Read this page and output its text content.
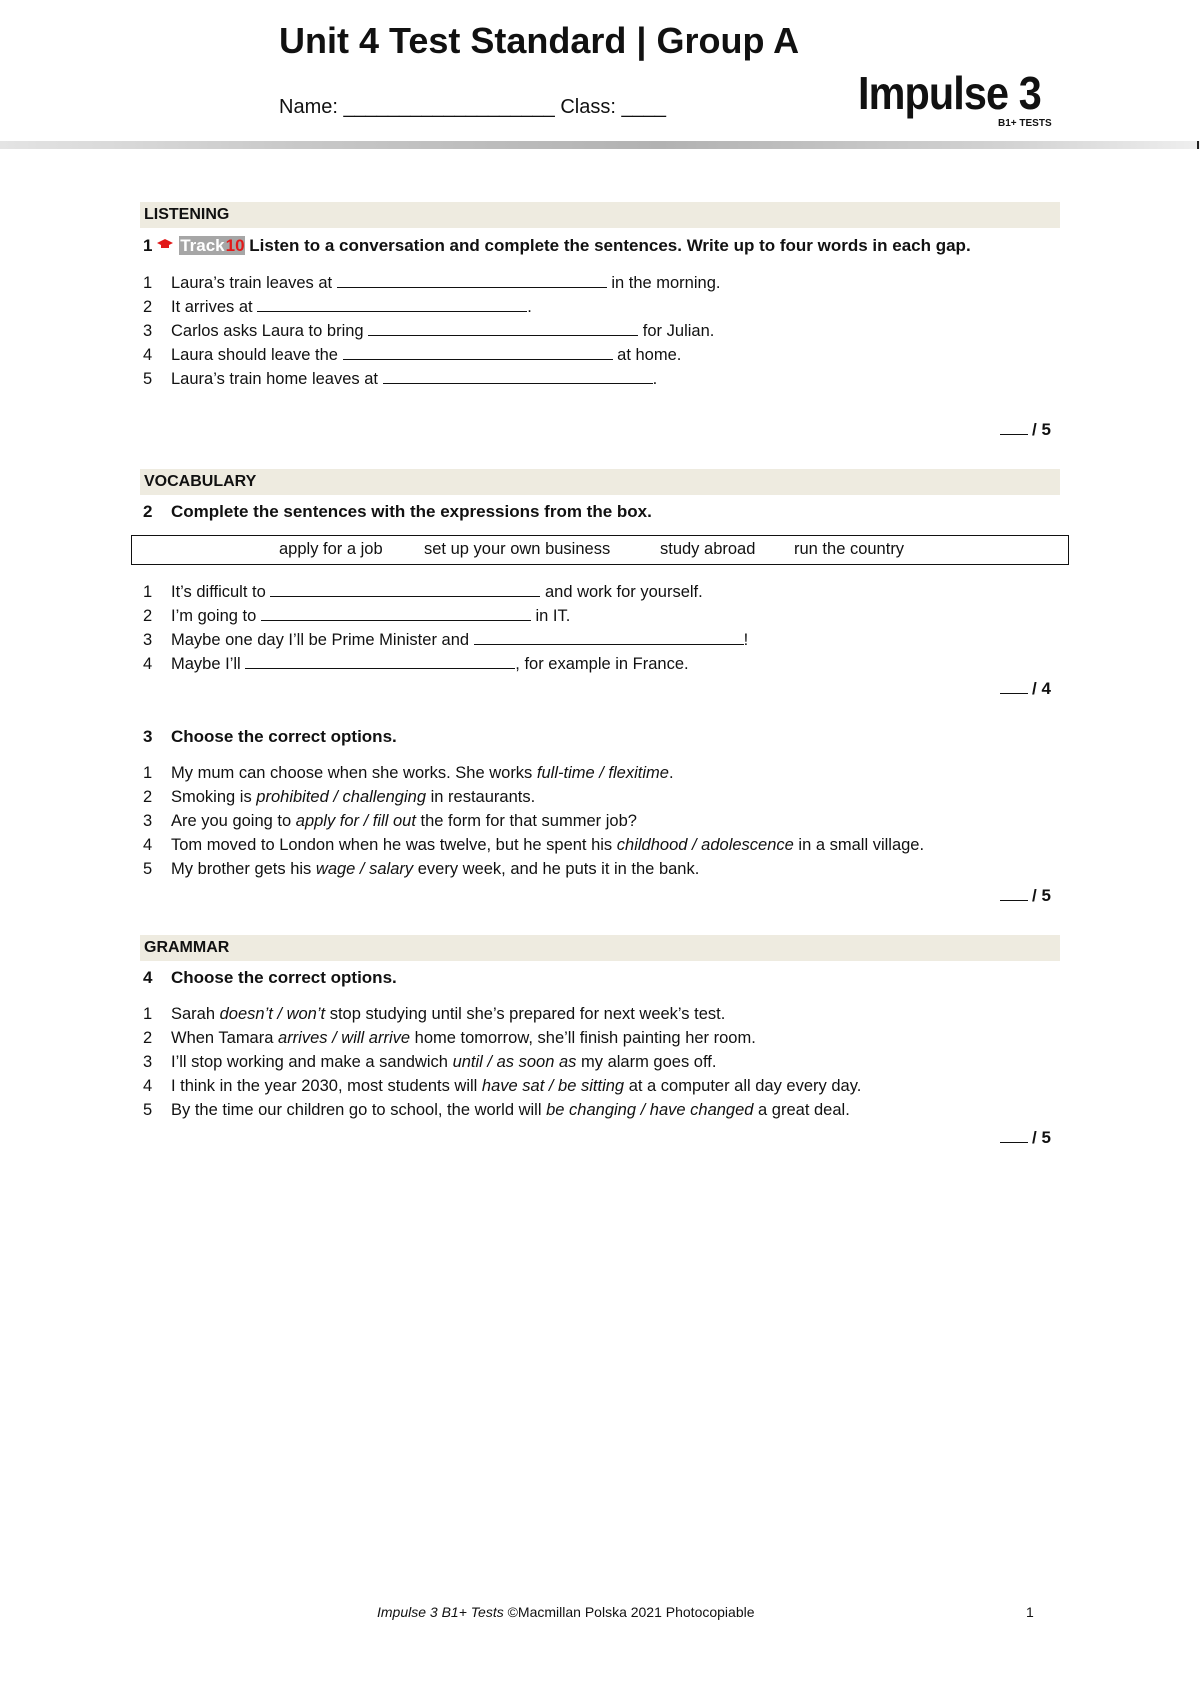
Unit 4 Test Standard | Group A
Name: ___________________ Class: ____	Impulse 3
B1+ TESTS
LISTENING
1 Track10 Listen to a conversation and complete the sentences. Write up to four words in each gap.
1 Laura’s train leaves at	in the morning.
2 It arrives at	.
3 Carlos asks Laura to bring	for Julian.
4 Laura should leave the	at home.
5 Laura’s train home leaves at	.
/ 5
VOCABULARY
2 Complete the sentences with the expressions from the box.
apply for a job	set up your own business	study abroad run the country
1 It’s difficult to	and work for yourself.
2 I’m going to	in IT.
3 Maybe one day I’ll be Prime Minister and	!
4 Maybe I’ll	, for example in France.
/ 4
3 Choose the correct options.
1 My mum can choose when she works. She works full-time / flexitime.
2 Smoking is prohibited / challenging in restaurants.
3 Are you going to apply for / fill out the form for that summer job?
4 Tom moved to London when he was twelve, but he spent his childhood / adolescence in a small village.
5 My brother gets his wage / salary every week, and he puts it in the bank.
/ 5
GRAMMAR
4 Choose the correct options.
1 Sarah doesn’t / won’t stop studying until she’s prepared for next week’s test.
2 When Tamara arrives / will arrive home tomorrow, she’ll finish painting her room.
3 I’ll stop working and make a sandwich until / as soon as my alarm goes off.
4 I think in the year 2030, most students will have sat / be sitting at a computer all day every day.
5 By the time our children go to school, the world will be changing / have changed a great deal.
/ 5
Impulse 3 B1+ Tests ©Macmillan Polska 2021 Photocopiable	1
